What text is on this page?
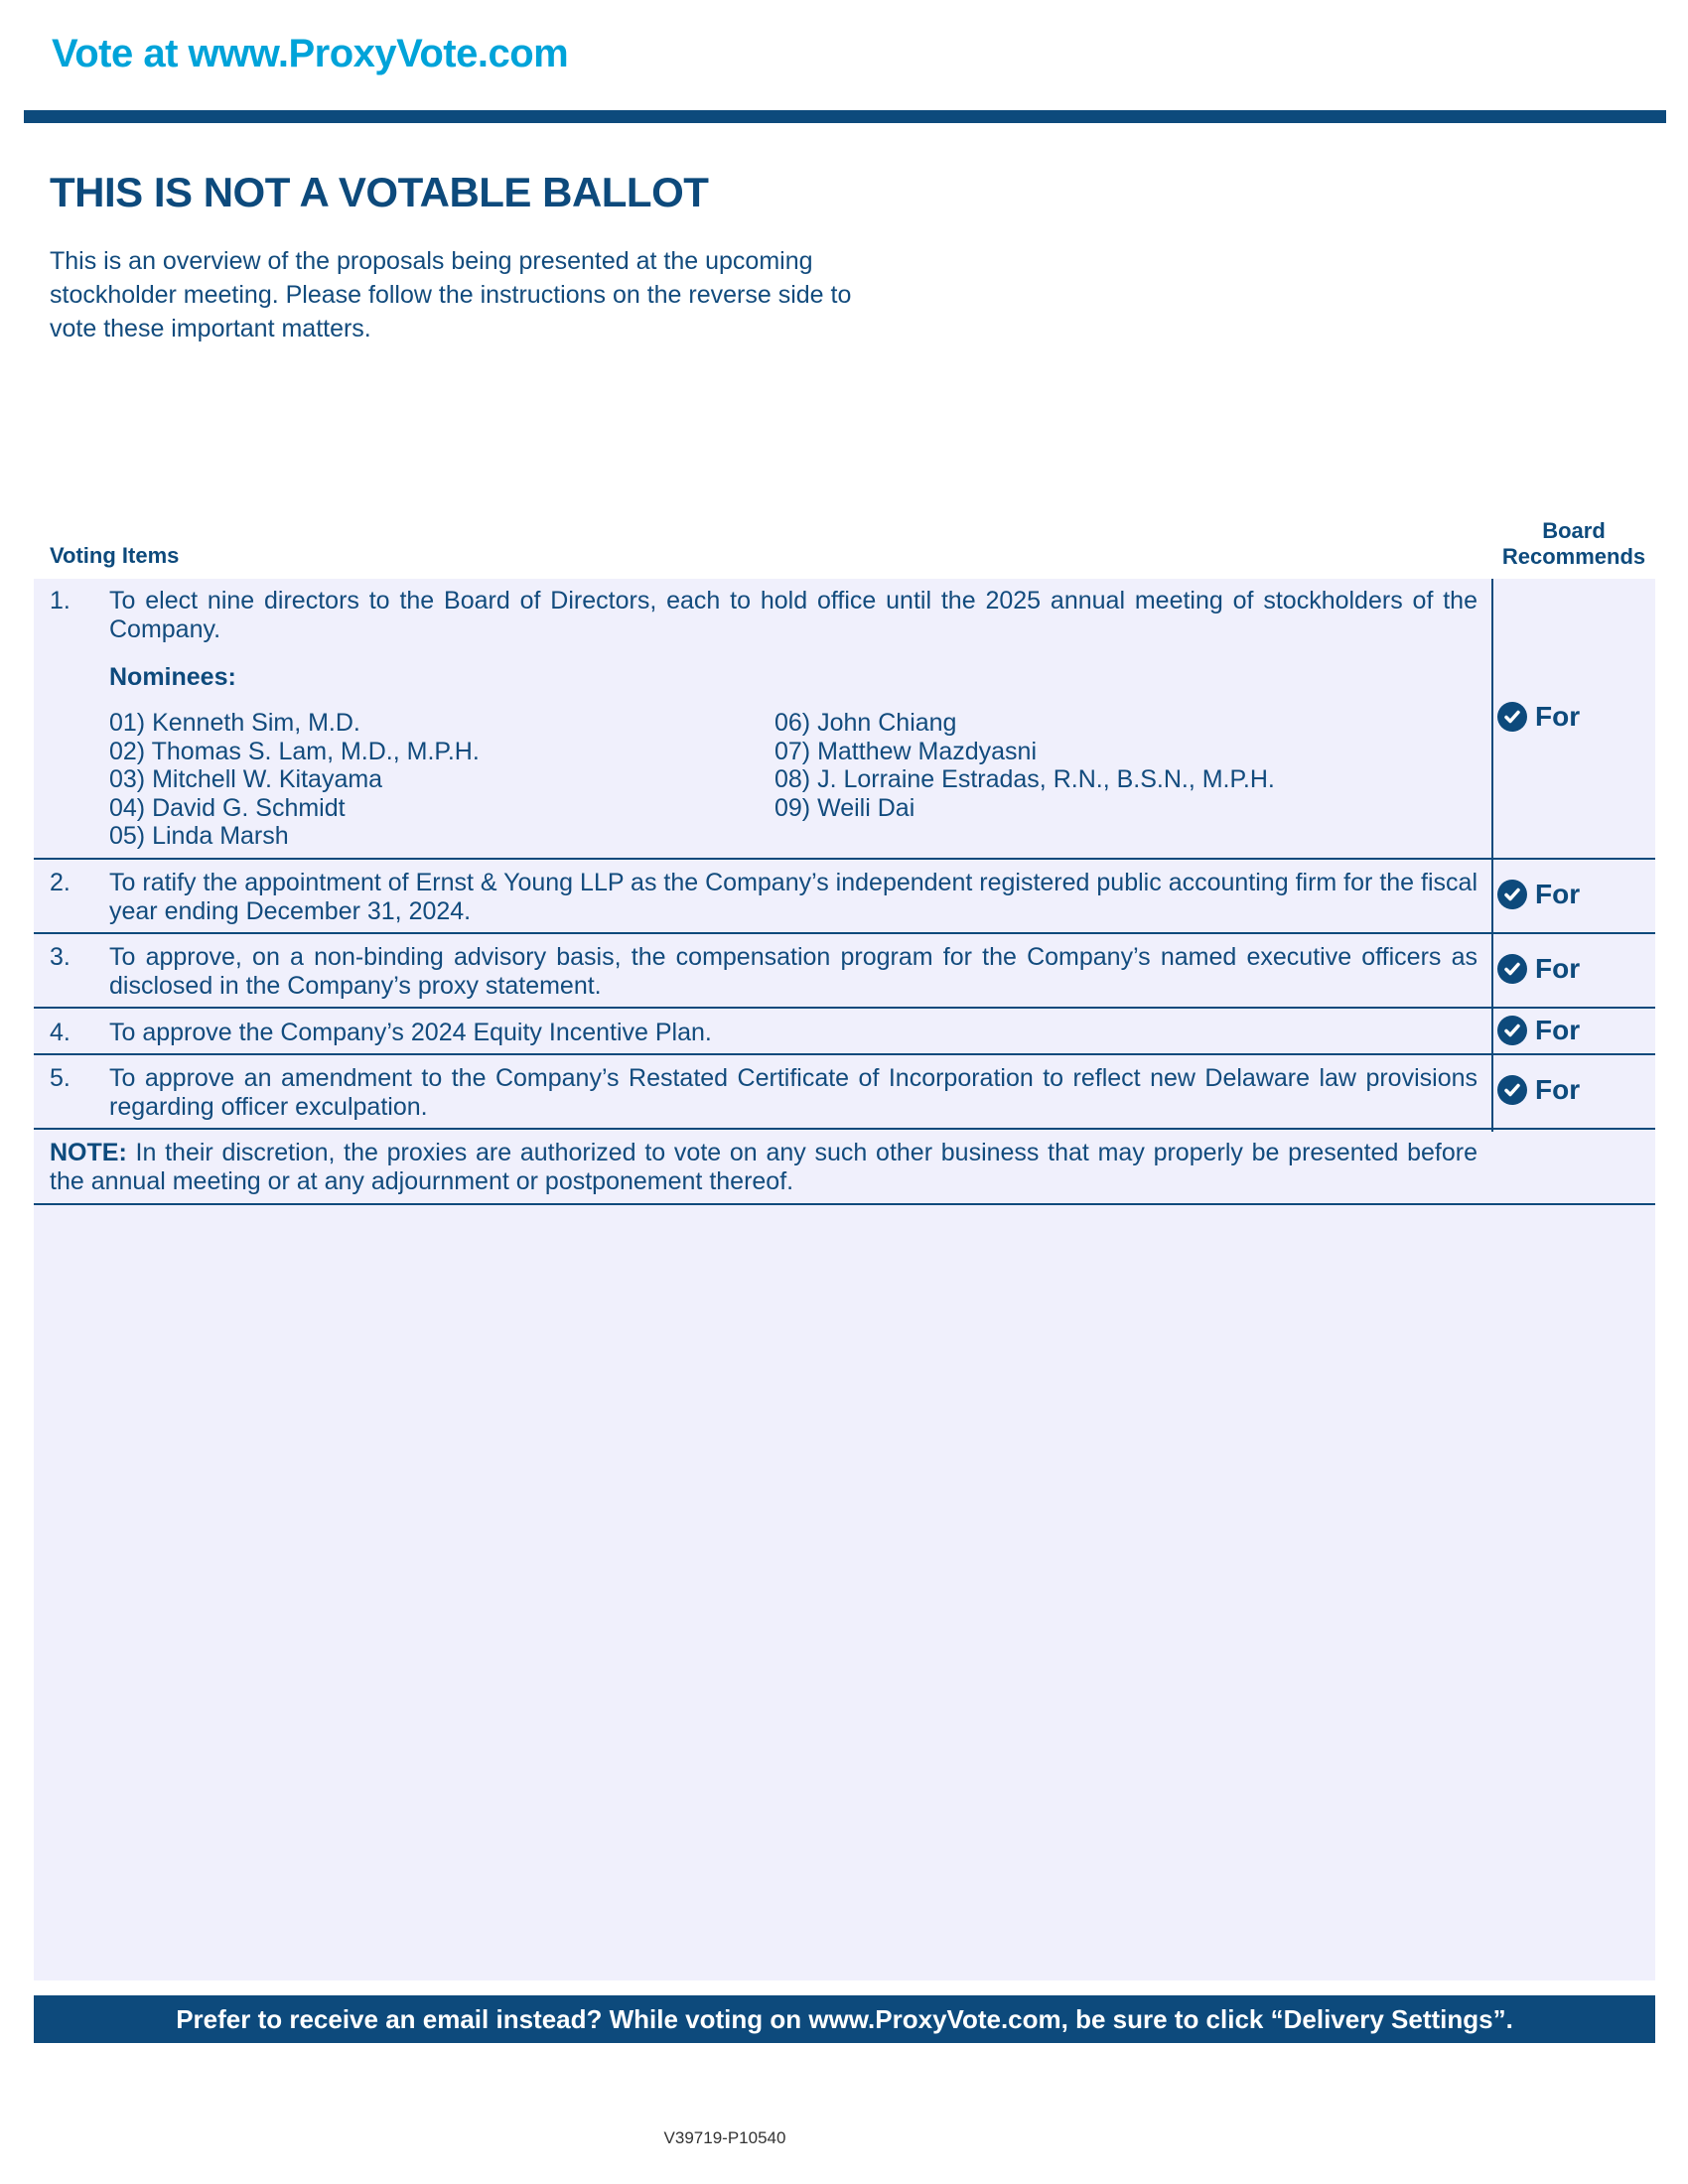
Vote at www.ProxyVote.com
THIS IS NOT A VOTABLE BALLOT
This is an overview of the proposals being presented at the upcoming stockholder meeting. Please follow the instructions on the reverse side to vote these important matters.
Voting Items
Board
Recommends
1. To elect nine directors to the Board of Directors, each to hold office until the 2025 annual meeting of stockholders of the Company.
Nominees:
01) Kenneth Sim, M.D.
02) Thomas S. Lam, M.D., M.P.H.
03) Mitchell W. Kitayama
04) David G. Schmidt
05) Linda Marsh
06) John Chiang
07) Matthew Mazdyasni
08) J. Lorraine Estradas, R.N., B.S.N., M.P.H.
09) Weili Dai
For
2. To ratify the appointment of Ernst & Young LLP as the Company’s independent registered public accounting firm for the fiscal year ending December 31, 2024.
For
3. To approve, on a non-binding advisory basis, the compensation program for the Company’s named executive officers as disclosed in the Company’s proxy statement.
For
4. To approve the Company’s 2024 Equity Incentive Plan.	For
5. To approve an amendment to the Company’s Restated Certificate of Incorporation to reflect new Delaware law provisions regarding officer exculpation.
For
NOTE: In their discretion, the proxies are authorized to vote on any such other business that may properly be presented before the annual meeting or at any adjournment or postponement thereof.
Prefer to receive an email instead? While voting on www.ProxyVote.com, be sure to click “Delivery Settings”.
V39719-P10540
